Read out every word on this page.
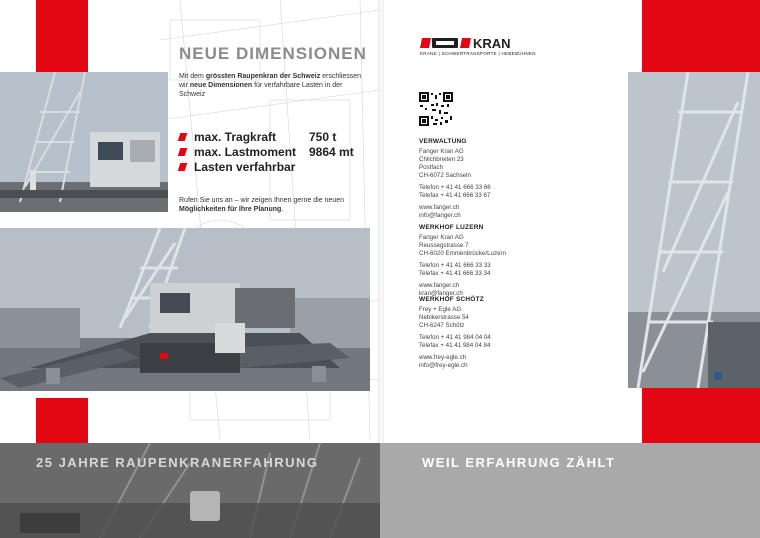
NEUE DIMENSIONEN

Mit dem grössten Raupenkran der Schweiz erschliessen wir neue Dimensionen für verfahrbare Lasten in der Schweiz

max. Tragkraft	750 t
max. Lastmoment 9864 mt
Lasten verfahrbar

Rufen Sie uns an – wir zeigen Ihnen gerne die neuen Möglichkeiten für Ihre Planung.

KRAN
KRANE | SCHWERTRANSPORTE | HEBEBÜHNEN
VERWALTUNG
Fanger Kran AG
Chilchbreiten 23
Postfach
CH-6072 Sachseln
Telefon + 41 41 666 33 66
Telefax + 41 41 666 33 67
www.fanger.ch
info@fanger.ch
WERKHOF LUZERN
Fanger Kran AG
Reussegstrasse 7
CH-6020 Emmenbrücke/Luzern
Telefon + 41 41 666 33 33
Telefax + 41 41 666 33 34
www.fanger.ch
kran@fanger.ch
WERKHOF SCHÖTZ
Frey + Egle AG
Nebikerstrasse 54
CH-6247 Schötz
Telefon + 41 41 984 04 04
Telefax + 41 41 984 04 84
www.frey-egle.ch
info@frey-egle.ch
25 JAHRE RAUPENKRANERFAHRUNG	WEIL ERFAHRUNG ZÄHLT
